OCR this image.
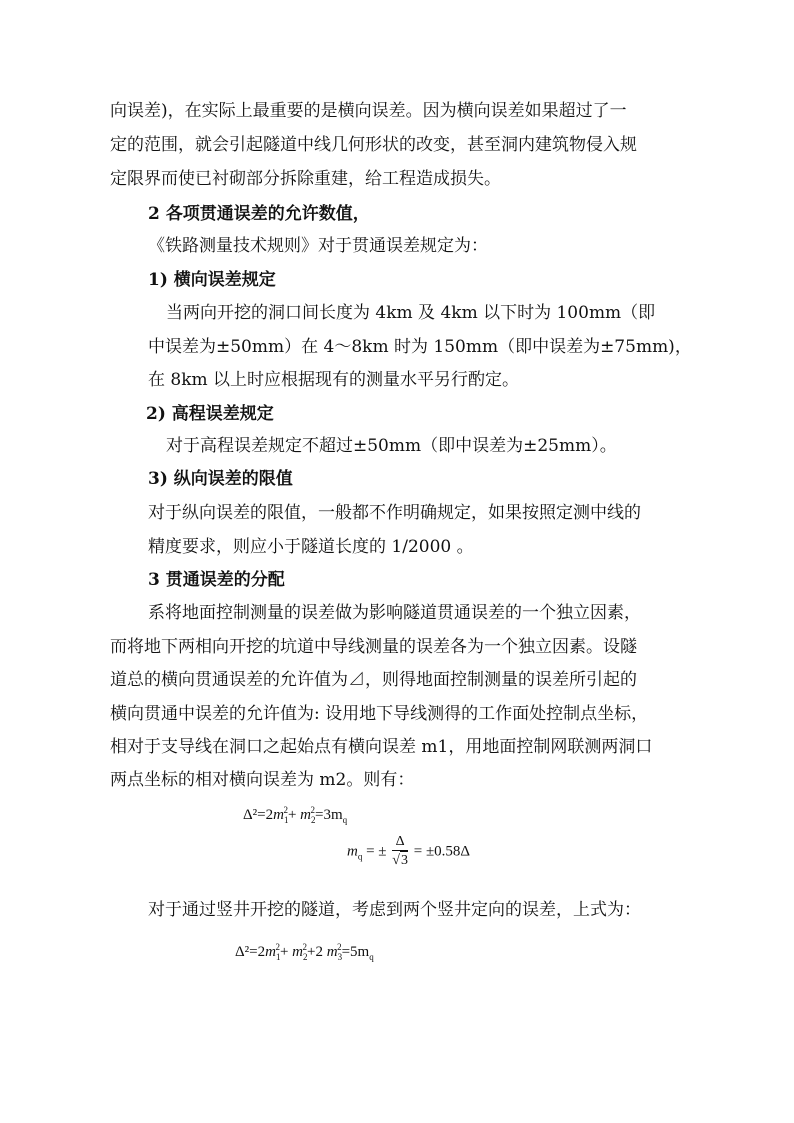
向误差)，在实际上最重要的是横向误差。因为横向误差如果超过了一
定的范围，就会引起隧道中线几何形状的改变，甚至洞内建筑物侵入规
定限界而使已衬砌部分拆除重建，给工程造成损失。
2 各项贯通误差的允许数值，
《铁路测量技术规则》对于贯通误差规定为：
1) 横向误差规定
当两向开挖的洞口间长度为 4km 及 4km 以下时为 100mm（即
中误差为±50mm）在 4～8km 时为 150mm（即中误差为±75mm)，
在 8km 以上时应根据现有的测量水平另行酌定。
2) 高程误差规定
对于高程误差规定不超过±50mm（即中误差为±25mm）。
3) 纵向误差的限值
对于纵向误差的限值，一般都不作明确规定，如果按照定测中线的
精度要求，则应小于隧道长度的 1/2000 。
3 贯通误差的分配
系将地面控制测量的误差做为影响隧道贯通误差的一个独立因素，
而将地下两相向开挖的坑道中导线测量的误差各为一个独立因素。设隧
道总的横向贯通误差的允许值为⊿，则得地面控制测量的误差所引起的
横向贯通中误差的允许值为: 设用地下导线测得的工作面处控制点坐标，
相对于支导线在洞口之起始点有横向误差 m1，用地面控制网联测两洞口
两点坐标的相对横向误差为 m2。则有：
$\Delta^2=2m_1^2+ m_2^2=3m_q$
$m_q$ = ± $\frac{\Delta}{√3} = \pm 0.58\Delta$
对于通过竖井开挖的隧道，考虑到两个竖井定向的误差，上式为：
$\Delta^2=2m_1^2+ m_2^2+2$ $m_3^2=5m_q$
